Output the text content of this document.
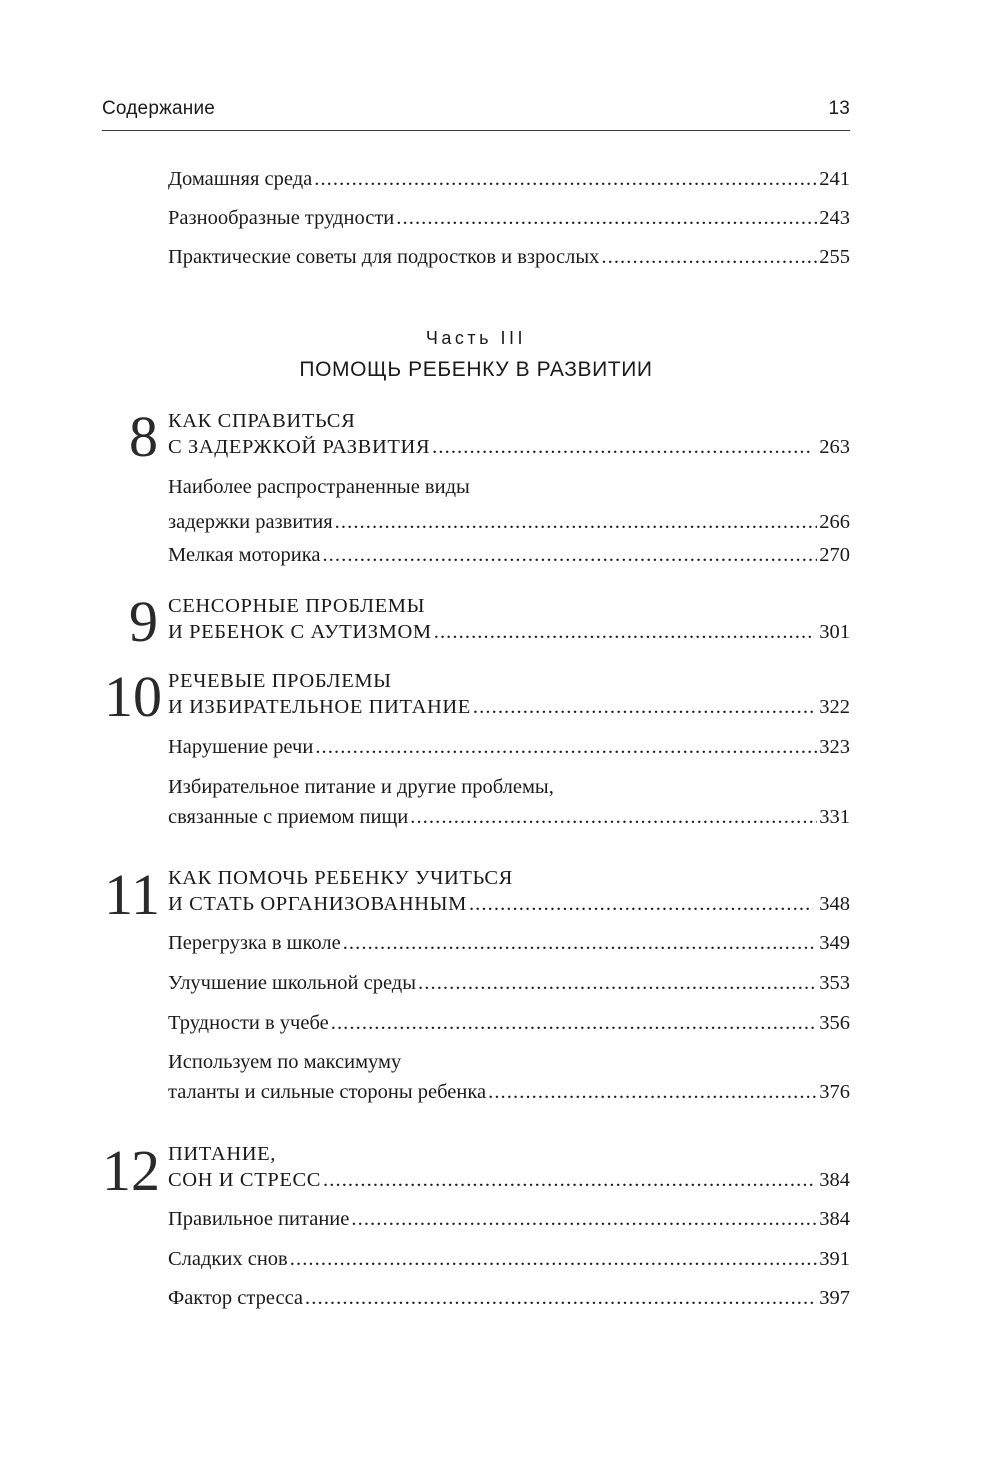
Содержание	13
Домашняя среда .....	241
Разнообразные трудности .....	243
Практические советы для подростков и взрослых .....	255
Часть III
ПОМОЩЬ РЕБЕНКУ В РАЗВИТИИ
8 КАК СПРАВИТЬСЯ
С ЗАДЕРЖКОЙ РАЗВИТИЯ .....	263
Наиболее распространенные виды
задержки развития .....	266
Мелкая моторика .....	270
9 СЕНСОРНЫЕ ПРОБЛЕМЫ
И РЕБЕНОК С АУТИЗМОМ .....	301
10 РЕЧЕВЫЕ ПРОБЛЕМЫ
И ИЗБИРАТЕЛЬНОЕ ПИТАНИЕ .....	322
Нарушение речи .....	323
Избирательное питание и другие проблемы,
связанные с приемом пищи .....	331
11 КАК ПОМОЧЬ РЕБЕНКУ УЧИТЬСЯ
И СТАТЬ ОРГАНИЗОВАННЫМ .....	348
Перегрузка в школе .....	349
Улучшение школьной среды .....	353
Трудности в учебе .....	356
Используем по максимуму
таланты и сильные стороны ребенка .....	376
12 ПИТАНИЕ,
СОН И СТРЕСС .....	384
Правильное питание .....	384
Сладких снов .....	391
Фактор стресса .....	397
